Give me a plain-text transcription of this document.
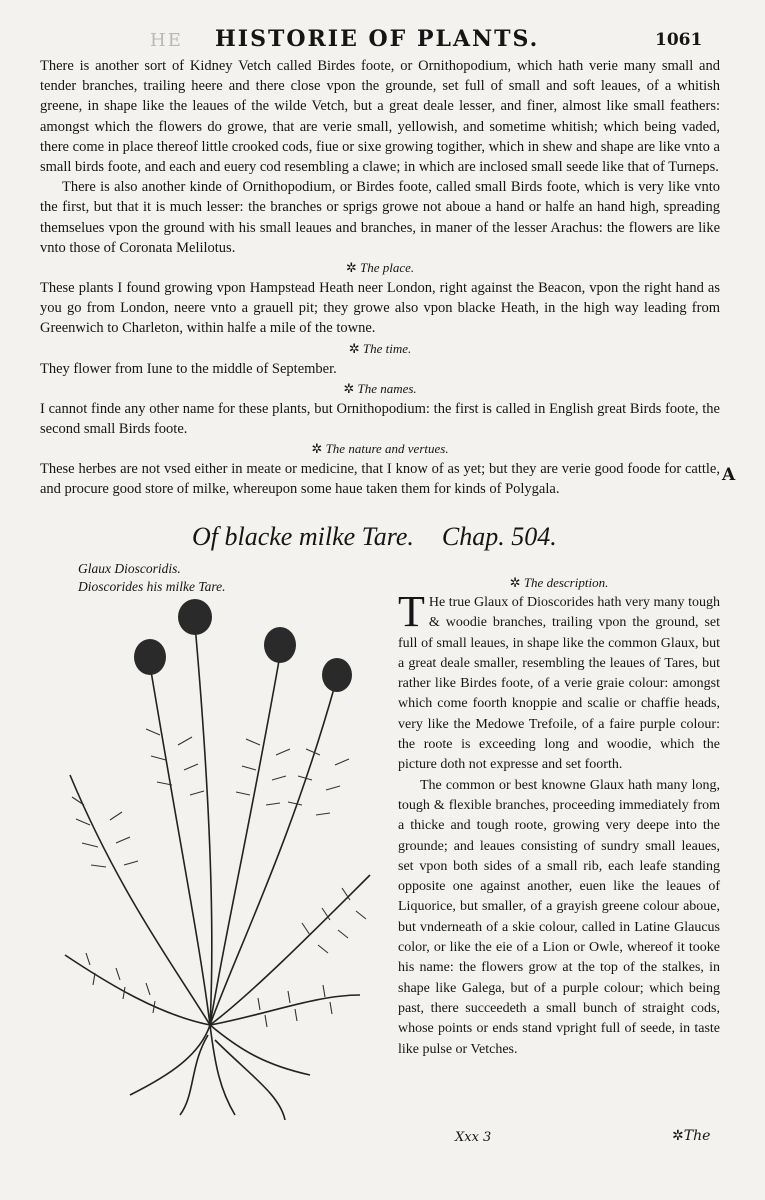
HE HISTORIE OF PLANTS.	1061

There is another sort of Kidney Vetch called Birdes foote, or Ornithopodium, which hath verie many small and tender branches, trailing heere and there close vpon the grounde, set full of small and soft leaues, of a whitish greene, in shape like the leaues of the wilde Vetch, but a great deale lesser, and finer, almost like small feathers: amongst which the flowers do growe, that are verie small, yellowish, and sometime whitish; which being vaded, there come in place thereof little crooked cods, fiue or sixe growing togither, which in shew and shape are like vnto a small birds foote, and each and euery cod resembling a clawe; in which are inclosed small seede like that of Turneps.

There is also another kinde of Ornithopodium, or Birdes foote, called small Birds foote, which is very like vnto the first, but that it is much lesser: the branches or sprigs growe not aboue a hand or halfe an hand high, spreading themselues vpon the ground with his small leaues and branches, in maner of the lesser Arachus: the flowers are like vnto those of Coronata Melilotus.

✲ The place.

These plants I found growing vpon Hampstead Heath neer London, right against the Beacon, vpon the right hand as you go from London, neere vnto a grauell pit; they growe also vpon blacke Heath, in the high way leading from Greenwich to Charleton, within halfe a mile of the towne.

✲ The time.

They flower from Iune to the middle of September.

✲ The names.

I cannot finde any other name for these plants, but Ornithopodium: the first is called in English great Birds foote, the second small Birds foote.

✲ The nature and vertues.

These herbes are not vsed either in meate or medicine, that I know of as yet; but they are verie good foode for cattle, and procure good store of milke, whereupon some haue taken them for kinds of Polygala.

A
Of blacke milke Tare. Chap. 504.
Glaux Dioscoridis.
Dioscorides his milke Tare.	✲ The description.

T He true Glaux of Dioscorides hath very many tough & woodie branches, trailing vpon the ground, set full of small leaues, in shape like the common Glaux, but a great deale smaller, resembling the leaues of Tares, but rather like Birdes foote, of a verie graie colour: amongst which come foorth knoppie and scalie or chaffie heads, very like the Medowe Trefoile, of a faire purple colour: the roote is exceeding long and woodie, which the picture doth not expresse and set foorth.

The common or best knowne Glaux hath many long, tough & flexible branches, proceeding immediately from a thicke and tough roote, growing very deepe into the grounde; and leaues consisting of sundry small leaues, set vpon both sides of a small rib, each leafe standing opposite one against another, euen like the leaues of Liquorice, but smaller, of a grayish greene colour aboue, but vnderneath of a skie colour, called in Latine Glaucus color, or like the eie of a Lion or Owle, whereof it tooke his name: the flowers grow at the top of the stalkes, in shape like Galega, but of a purple colour; which being past, there succeedeth a small bunch of straight cods, whose points or ends stand vpright full of seede, in taste like pulse or Vetches.

Xxx 3	✲The
